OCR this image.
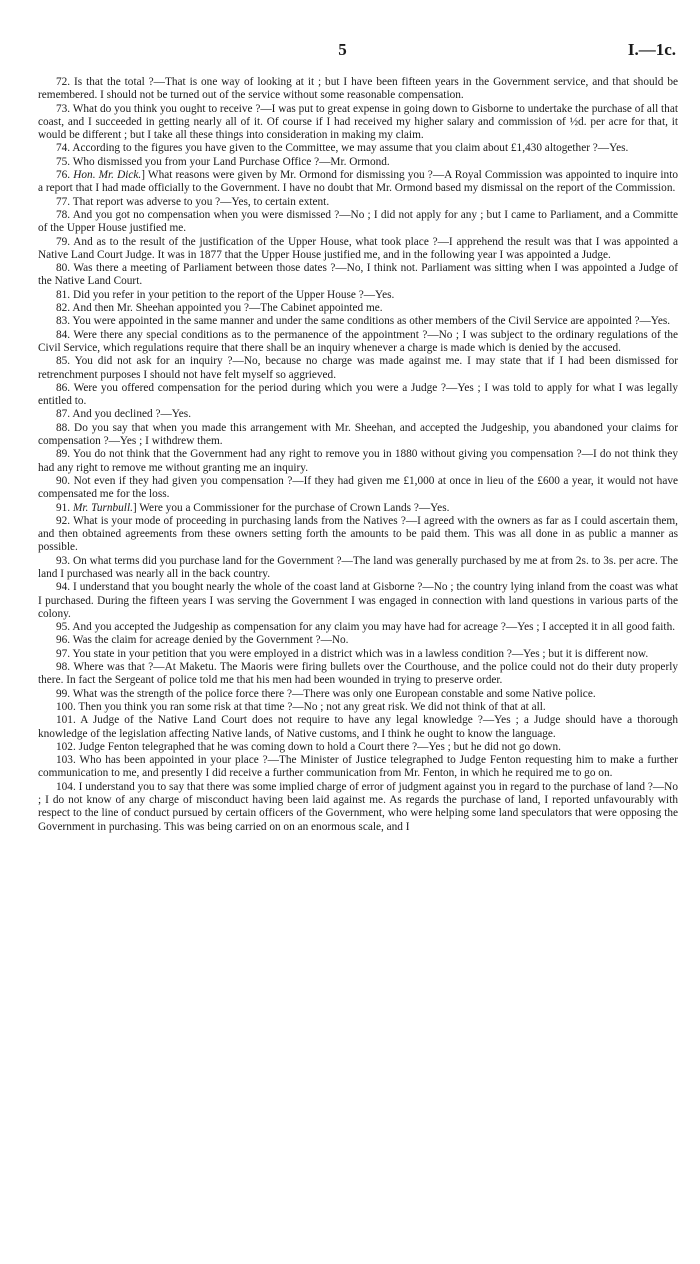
5	I.—1c.

72. Is that the total ?—That is one way of looking at it ; but I have been fifteen years in the Government service, and that should be remembered. I should not be turned out of the service without some reasonable compensation.

73. What do you think you ought to receive ?—I was put to great expense in going down to Gisborne to undertake the purchase of all that coast, and I succeeded in getting nearly all of it. Of course if I had received my higher salary and commission of ½d. per acre for that, it would be different ; but I take all these things into consideration in making my claim.

74. According to the figures you have given to the Committee, we may assume that you claim about £1,430 altogether ?—Yes.

75. Who dismissed you from your Land Purchase Office ?—Mr. Ormond.

76. Hon. Mr. Dick.] What reasons were given by Mr. Ormond for dismissing you ?—A Royal Commission was appointed to inquire into a report that I had made officially to the Government. I have no doubt that Mr. Ormond based my dismissal on the report of the Commission.

77. That report was adverse to you ?—Yes, to certain extent.

78. And you got no compensation when you were dismissed ?—No ; I did not apply for any ; but I came to Parliament, and a Committe of the Upper House justified me.

79. And as to the result of the justification of the Upper House, what took place ?—I apprehend the result was that I was appointed a Native Land Court Judge. It was in 1877 that the Upper House justified me, and in the following year I was appointed a Judge.

80. Was there a meeting of Parliament between those dates ?—No, I think not. Parliament was sitting when I was appointed a Judge of the Native Land Court.

81. Did you refer in your petition to the report of the Upper House ?—Yes.

82. And then Mr. Sheehan appointed you ?—The Cabinet appointed me.

83. You were appointed in the same manner and under the same conditions as other members of the Civil Service are appointed ?—Yes.

84. Were there any special conditions as to the permanence of the appointment ?—No ; I was subject to the ordinary regulations of the Civil Service, which regulations require that there shall be an inquiry whenever a charge is made which is denied by the accused.

85. You did not ask for an inquiry ?—No, because no charge was made against me. I may state that if I had been dismissed for retrenchment purposes I should not have felt myself so aggrieved.

86. Were you offered compensation for the period during which you were a Judge ?—Yes ; I was told to apply for what I was legally entitled to.

87. And you declined ?—Yes.

88. Do you say that when you made this arrangement with Mr. Sheehan, and accepted the Judgeship, you abandoned your claims for compensation ?—Yes ; I withdrew them.

89. You do not think that the Government had any right to remove you in 1880 without giving you compensation ?—I do not think they had any right to remove me without granting me an inquiry.

90. Not even if they had given you compensation ?—If they had given me £1,000 at once in lieu of the £600 a year, it would not have compensated me for the loss.

91. Mr. Turnbull.] Were you a Commissioner for the purchase of Crown Lands ?—Yes.

92. What is your mode of proceeding in purchasing lands from the Natives ?—I agreed with the owners as far as I could ascertain them, and then obtained agreements from these owners setting forth the amounts to be paid them. This was all done in as public a manner as possible.

93. On what terms did you purchase land for the Government ?—The land was generally purchased by me at from 2s. to 3s. per acre. The land I purchased was nearly all in the back country.

94. I understand that you bought nearly the whole of the coast land at Gisborne ?—No ; the country lying inland from the coast was what I purchased. During the fifteen years I was serving the Government I was engaged in connection with land questions in various parts of the colony.

95. And you accepted the Judgeship as compensation for any claim you may have had for acreage ?—Yes ; I accepted it in all good faith.

96. Was the claim for acreage denied by the Government ?—No.

97. You state in your petition that you were employed in a district which was in a lawless condition ?—Yes ; but it is different now.

98. Where was that ?—At Maketu. The Maoris were firing bullets over the Courthouse, and the police could not do their duty properly there. In fact the Sergeant of police told me that his men had been wounded in trying to preserve order.

99. What was the strength of the police force there ?—There was only one European constable and some Native police.

100. Then you think you ran some risk at that time ?—No ; not any great risk. We did not think of that at all.

101. A Judge of the Native Land Court does not require to have any legal knowledge ?—Yes ; a Judge should have a thorough knowledge of the legislation affecting Native lands, of Native customs, and I think he ought to know the language.

102. Judge Fenton telegraphed that he was coming down to hold a Court there ?—Yes ; but he did not go down.

103. Who has been appointed in your place ?—The Minister of Justice telegraphed to Judge Fenton requesting him to make a further communication to me, and presently I did receive a further communication from Mr. Fenton, in which he required me to go on.

104. I understand you to say that there was some implied charge of error of judgment against you in regard to the purchase of land ?—No ; I do not know of any charge of misconduct having been laid against me. As regards the purchase of land, I reported unfavourably with respect to the line of conduct pursued by certain officers of the Government, who were helping some land speculators that were opposing the Government in purchasing. This was being carried on on an enormous scale, and I
